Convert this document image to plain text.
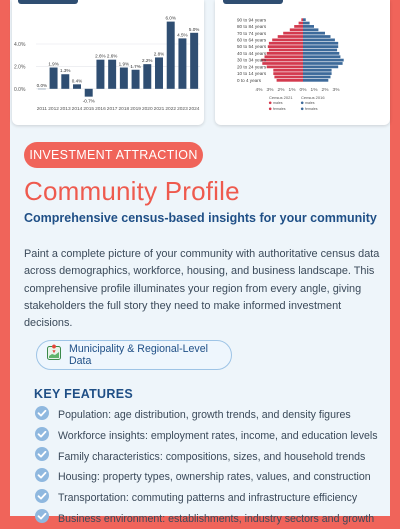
0.0%
2.0%
4.0%
0.0%
2011
1.9%
2012
1.3%
2013
0.4%
2014
-0.7%
2015
2.6%
2016
2.6%
2017
1.9%
2018
1.7%
2019
2.2%
2020
2.8%
2021
6.0%
2022
4.5%
2023
5.0%
2024
0 to 4 years
10 to 14 years
20 to 24 years
30 to 34 years
40 to 44 years
50 to 54 years
60 to 64 years
70 to 74 years
80 to 84 years
90 to 94 years
4% 3% 2% 1% 0% 1% 2% 3%
Census 2021 Census 2016
males	males
females	females
INVESTMENT ATTRACTION
Community Profile
Comprehensive census-based insights for your community

Paint a complete picture of your community with authoritative census data across demographics, workforce, housing, and business landscape. This comprehensive profile illuminates your region from every angle, giving stakeholders the full story they need to make informed investment decisions.

Municipality & Regional-Level Data
KEY FEATURES
Population: age distribution, growth trends, and density figures
Workforce insights: employment rates, income, and education levels
Family characteristics: compositions, sizes, and household trends
Housing: property types, ownership rates, values, and construction
Transportation: commuting patterns and infrastructure efficiency
Business environment: establishments, industry sectors and growth
